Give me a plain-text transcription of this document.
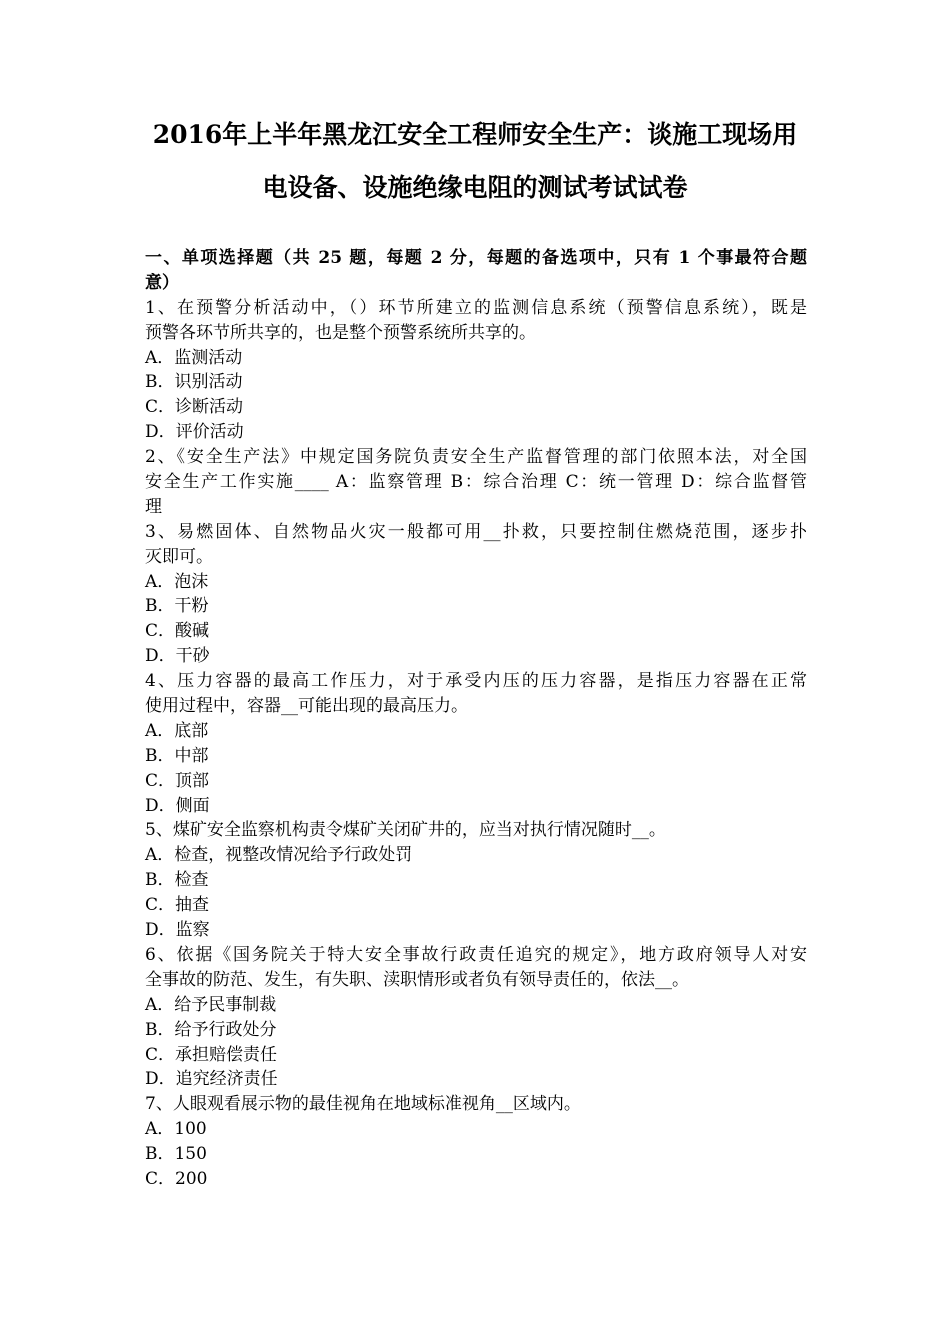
2016年上半年黑龙江安全工程师安全生产：谈施工现场用
电设备、设施绝缘电阻的测试考试试卷
一、单项选择题（共 25 题，每题 2 分，每题的备选项中，只有 1 个事最符合题
意）
1、在预警分析活动中，（）环节所建立的监测信息系统（预警信息系统），既是
预警各环节所共享的，也是整个预警系统所共享的。
A．监测活动
B．识别活动
C．诊断活动
D．评价活动
2、《安全生产法》中规定国务院负责安全生产监督管理的部门依照本法，对全国
安全生产工作实施____ A：监察管理 B：综合治理 C：统一管理 D：综合监督管
理
3、易燃固体、自然物品火灾一般都可用__扑救，只要控制住燃烧范围，逐步扑
灭即可。
A．泡沫
B．干粉
C．酸碱
D．干砂
4、压力容器的最高工作压力，对于承受内压的压力容器，是指压力容器在正常
使用过程中，容器__可能出现的最高压力。
A．底部
B．中部
C．顶部
D．侧面
5、煤矿安全监察机构责令煤矿关闭矿井的，应当对执行情况随时__。
A．检查，视整改情况给予行政处罚
B．检查
C．抽查
D．监察
6、依据《国务院关于特大安全事故行政责任追究的规定》，地方政府领导人对安
全事故的防范、发生，有失职、渎职情形或者负有领导责任的，依法__。
A．给予民事制裁
B．给予行政处分
C．承担赔偿责任
D．追究经济责任
7、人眼观看展示物的最佳视角在地域标准视角__区域内。
A．100
B．150
C．200
